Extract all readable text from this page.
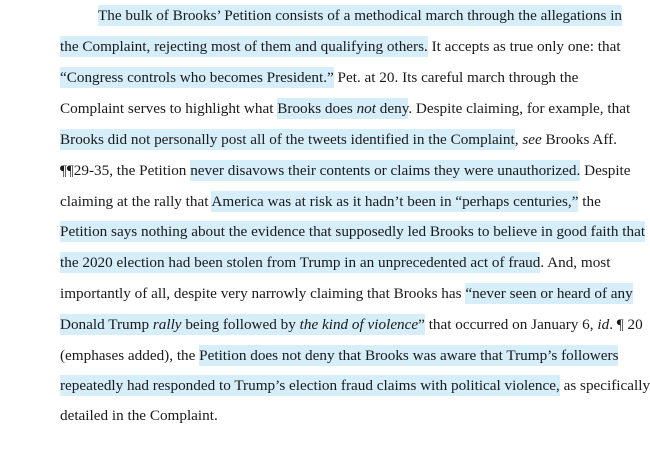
The bulk of Brooks’ Petition consists of a methodical march through the allegations in
the Complaint, rejecting most of them and qualifying others. It accepts as true only one: that
“Congress controls who becomes President.” Pet. at 20. Its careful march through the
Complaint serves to highlight what Brooks does not deny. Despite claiming, for example, that
Brooks did not personally post all of the tweets identified in the Complaint, see Brooks Aff.
¶¶29-35, the Petition never disavows their contents or claims they were unauthorized. Despite
claiming at the rally that America was at risk as it hadn’t been in “perhaps centuries,” the
Petition says nothing about the evidence that supposedly led Brooks to believe in good faith that
the 2020 election had been stolen from Trump in an unprecedented act of fraud. And, most
importantly of all, despite very narrowly claiming that Brooks has “never seen or heard of any
Donald Trump rally being followed by the kind of violence” that occurred on January 6, id. ¶ 20
(emphases added), the Petition does not deny that Brooks was aware that Trump’s followers
repeatedly had responded to Trump’s election fraud claims with political violence, as specifically
detailed in the Complaint.
